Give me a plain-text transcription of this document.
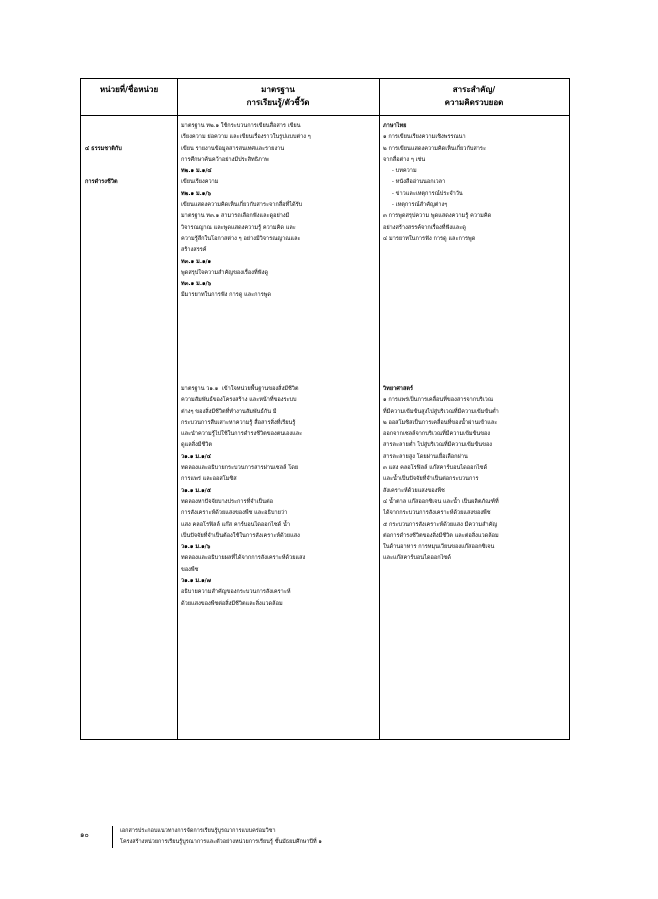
หน่วยที่/ชื่อหน่วย	มาตรฐาน
การเรียนรู้/ตัวชี้วัด
สาระสำคัญ/
ความคิดรวบยอด

๔ ธรรมชาติกับ

การดำรงชีวิต

มาตรฐาน ท๒.๑ ใช้กระบวนการเขียนสื่อสาร เขียน
เรียงความ ย่อความ และเขียนเรื่องราวในรูปแบบต่าง ๆ
เขียน รายงานข้อมูลสารสนเทศและรายงาน
การศึกษาค้นคว้าอย่างมีประสิทธิภาพ
ท๒.๑ ม.๑/๔
เขียนเรียงความ
ท๒.๑ ม.๑/๖
เขียนแสดงความคิดเห็นเกี่ยวกับสาระจากสื่อที่ได้รับ
มาตรฐาน ท๓.๑ สามารถเลือกฟังและดูอย่างมี
วิจารณญาณ และพูดแสดงความรู้ ความคิด และ
ความรู้สึกในโอกาสต่าง ๆ อย่างมีวิจารณญาณและ
สร้างสรรค์
ท๓.๑ ม.๑/๑
พูดสรุปใจความสำคัญของเรื่องที่ฟังดู
ท๓.๑ ม.๑/๖
มีมารยาทในการฟัง การดู และการพูด
มาตรฐาน ว๑.๑  เข้าใจหน่วยพื้นฐานของสิ่งมีชีวิต
ความสัมพันธ์ของโครงสร้าง และหน้าที่ของระบบ
ต่างๆ ของสิ่งมีชีวิตที่ทำงานสัมพันธ์กัน มี
กระบวนการสืบเสาะหาความรู้ สื่อสารสิ่งที่เรียนรู้
และนำความรู้ไปใช้ในการดำรงชีวิตของตนเองและ
ดูแลสิ่งมีชีวิต
ว๑.๑ ม.๑/๔
ทดลองและอธิบายกระบวนการสารผ่านเซลล์ โดย
การแพร่ และออสโมซิส
ว๑.๑ ม.๑/๕
ทดลองหาปัจจัยบางประการที่จำเป็นต่อ
การสังเคราะห์ด้วยแสงของพืช และอธิบายว่า
แสง คลอโรฟิลล์ แก๊ส คาร์บอนไดออกไซด์ น้ำ
เป็นปัจจัยที่จำเป็นต้องใช้ในการสังเคราะห์ด้วยแสง
ว๑.๑ ม.๑/๖
ทดลองและอธิบายผลที่ได้จากการสังเคราะห์ด้วยแสง
ของพืช
ว๑.๑ ม.๑/๗
อธิบายความสำคัญของกระบวนการสังเคราะห์
ด้วยแสงของพืชต่อสิ่งมีชีวิตและสิ่งแวดล้อม
ภาษาไทย
๑ การเขียนเรียงความเชิงพรรณนา
๒ การเขียนแสดงความคิดเห็นเกี่ยวกับสาระ
จากสื่อต่าง ๆ เช่น
- บทความ
- หนังสืออ่านนอกเวลา
- ข่าวและเหตุการณ์ประจำวัน
- เหตุการณ์สำคัญต่างๆ
๓ การพูดสรุปความ พูดแสดงความรู้ ความคิด
อย่างสร้างสรรค์จากเรื่องที่ฟังและดู
๔ มารยาทในการฟัง การดู และการพูด
วิทยาศาสตร์
๑ การแพร่เป็นการเคลื่อนที่ของสารจากบริเวณ
ที่มีความเข้มข้นสูงไปสู่บริเวณที่มีความเข้มข้นต่ำ
๒ ออสโมซิสเป็นการเคลื่อนที่ของน้ำผ่านเข้าและ
ออกจากเซลล์จากบริเวณที่มีความเข้มข้นของ
สารละลายต่ำ ไปสู่บริเวณที่มีความเข้มข้นของ
สารละลายสูง โดยผ่านเยื่อเลือกผ่าน
๓ แสง คลอโรฟิลล์ แก๊สคาร์บอนไดออกไซด์
และน้ำเป็นปัจจัยที่จำเป็นต่อกระบวนการ
สังเคราะห์ด้วยแสงของพืช
๔ น้ำตาล แก๊สออกซิเจน และน้ำ เป็นผลิตภัณฑ์ที่
ได้จากกระบวนการสังเคราะห์ด้วยแสงของพืช
๕ กระบวนการสังเคราะห์ด้วยแสง มีความสำคัญ
ต่อการดำรงชีวิตของสิ่งมีชีวิต และต่อสิ่งแวดล้อม
ในด้านอาหาร การหมุนเวียนของแก๊สออกซิเจน
และแก๊สคาร์บอนไดออกไซด์
๑๐	เอกสารประกอบแนวทางการจัดการเรียนรู้บูรณาการแบบคร่อมวิชา
โครงสร้างหน่วยการเรียนรู้บูรณาการและตัวอย่างหน่วยการเรียนรู้ ชั้นมัธยมศึกษาปีที่ ๑
